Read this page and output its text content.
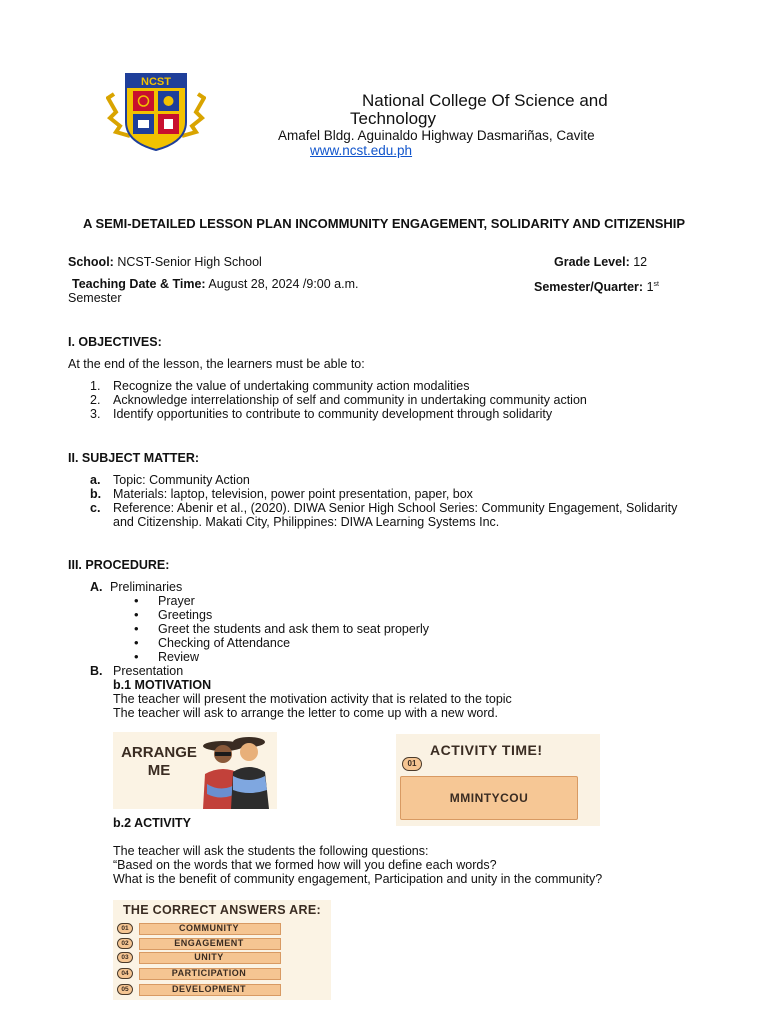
NCST
National College Of Science and Technology
Amafel Bldg. Aguinaldo Highway Dasmariñas, Cavite
www.ncst.edu.ph
A SEMI-DETAILED LESSON PLAN INCOMMUNITY ENGAGEMENT, SOLIDARITY AND CITIZENSHIP
School: NCST-Senior High School	Grade Level: 12
Teaching Date & Time: August 28, 2024 /9:00 a.m.	Semester/Quarter: 1st
Semester
I. OBJECTIVES:
At the end of the lesson, the learners must be able to:
1. Recognize the value of undertaking community action modalities
2. Acknowledge interrelationship of self and community in undertaking community action
3. Identify opportunities to contribute to community development through solidarity
II. SUBJECT MATTER:
a. Topic: Community Action
b. Materials: laptop, television, power point presentation, paper, box
c. Reference: Abenir et al., (2020). DIWA Senior High School Series: Community Engagement, Solidarity and Citizenship. Makati City, Philippines: DIWA Learning Systems Inc.
III. PROCEDURE:
A. Preliminaries
• Prayer
• Greetings
• Greet the students and ask them to seat properly
• Checking of Attendance
• Review
B. Presentation
b.1 MOTIVATION
The teacher will present the motivation activity that is related to the topic
The teacher will ask to arrange the letter to come up with a new word.
ARRANGE ME
ACTIVITY TIME!
01
MMINTYCOU
b.2 ACTIVITY
The teacher will ask the students the following questions:
“Based on the words that we formed how will you define each words?
What is the benefit of community engagement, Participation and unity in the community?
THE CORRECT ANSWERS ARE:
01	COMMUNITY
02	ENGAGEMENT
03	UNITY
04	PARTICIPATION
05	DEVELOPMENT
